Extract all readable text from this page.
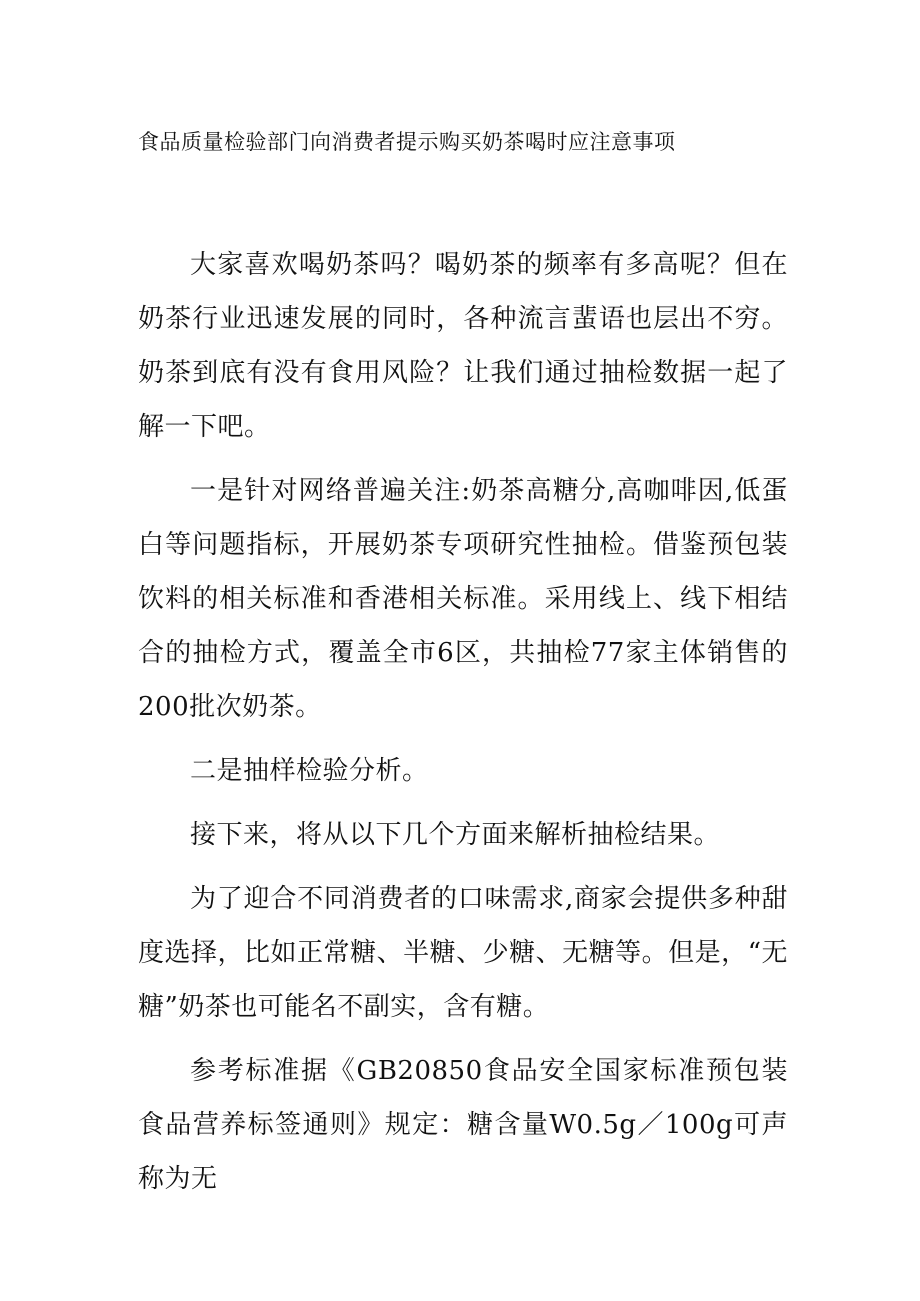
食品质量检验部门向消费者提示购买奶茶喝时应注意事项

大家喜欢喝奶茶吗？喝奶茶的频率有多高呢？但在奶茶行业迅速发展的同时，各种流言蜚语也层出不穷。奶茶到底有没有食用风险？让我们通过抽检数据一起了解一下吧。

一是针对网络普遍关注:奶茶高糖分,高咖啡因,低蛋白等问题指标，开展奶茶专项研究性抽检。借鉴预包装饮料的相关标准和香港相关标准。采用线上、线下相结合的抽检方式，覆盖全市6区，共抽检77家主体销售的200批次奶茶。

二是抽样检验分析。

接下来，将从以下几个方面来解析抽检结果。

为了迎合不同消费者的口味需求,商家会提供多种甜度选择，比如正常糖、半糖、少糖、无糖等。但是，“无糖”奶茶也可能名不副实，含有糖。

参考标准据《GB20850食品安全国家标准预包装食品营养标签通则》规定：糖含量W0.5g／100g可声称为无
